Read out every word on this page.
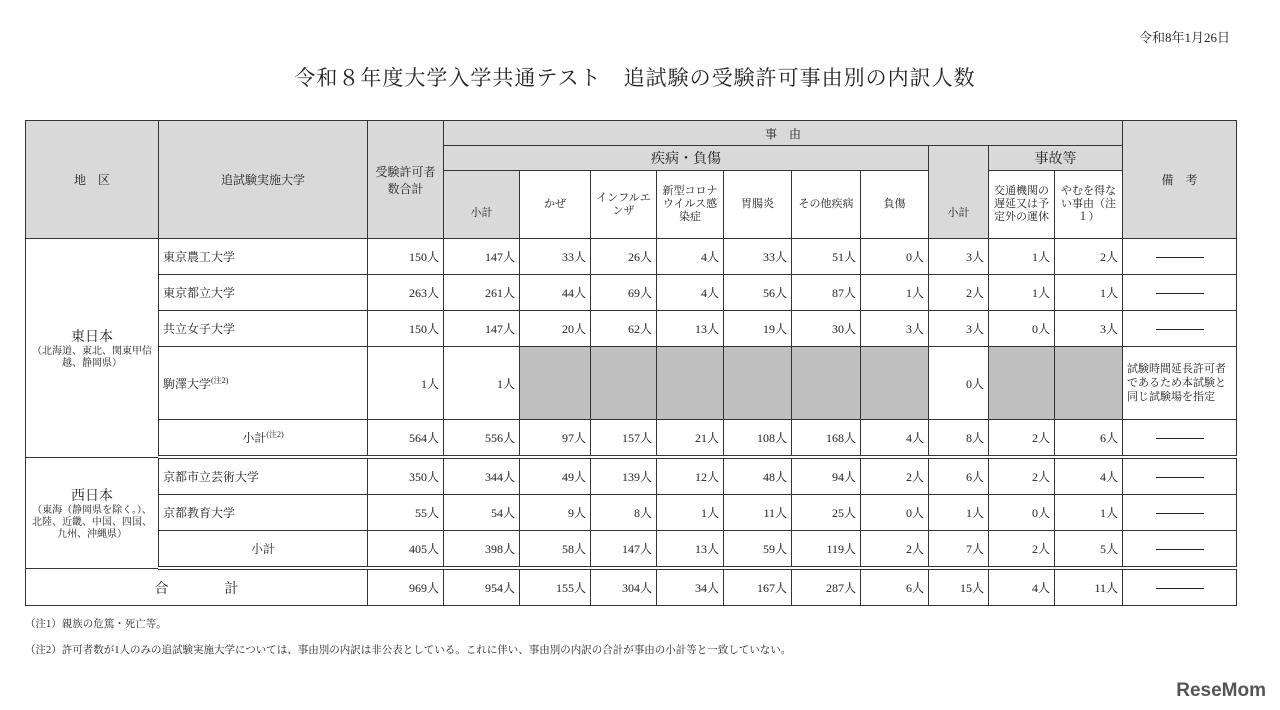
令和8年1月26日
令和８年度大学入学共通テスト　追試験の受験許可事由別の内訳人数
地　区	追試験実施大学	受験許可者数合計	事　由										備　考
			疾病・負傷							小計	事故等		
			小計	かぜ	インフルエンザ	新型コロナウイルス感染症	胃腸炎	その他疾病	負傷		交通機関の遅延又は予定外の運休	やむを得ない事由（注１）	
東日本
（北海道、東北、関東甲信越、静岡県）	東京農工大学	150人	147人	33人	26人	4人	33人	51人	0人	3人	1人	2人	
	東京都立大学	263人	261人	44人	69人	4人	56人	87人	1人	2人	1人	1人	
	共立女子大学	150人	147人	20人	62人	13人	19人	30人	3人	3人	0人	3人	
	駒澤大学$^{(注2)}$	1人	1人							0人			試験時間延長許可者であるため本試験と同じ試験場を指定
	小計$^{(注2)}$	564人	556人	97人	157人	21人	108人	168人	4人	8人	2人	6人	
西日本
（東海（静岡県を除く。）、北陸、近畿、中国、四国、九州、沖縄県）	京都市立芸術大学	350人	344人	49人	139人	12人	48人	94人	2人	6人	2人	4人	
	京都教育大学	55人	54人	9人	8人	1人	11人	25人	0人	1人	0人	1人	
	小計	405人	398人	58人	147人	13人	59人	119人	2人	7人	2人	5人	
合　　　　計		969人	954人	155人	304人	34人	167人	287人	6人	15人	4人	11人	
（注1）親族の危篤・死亡等。
（注2）許可者数が1人のみの追試験実施大学については、事由別の内訳は非公表としている。これに伴い、事由別の内訳の合計が事由の小計等と一致していない。
ReseMom
